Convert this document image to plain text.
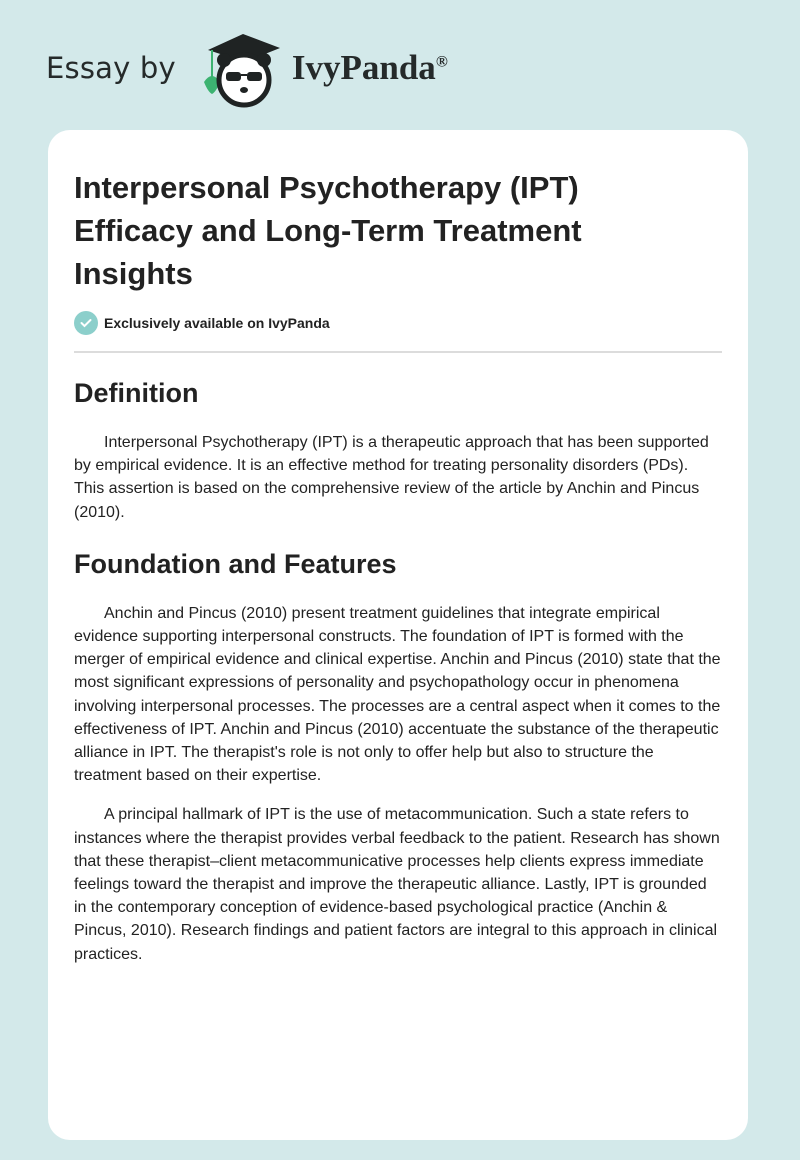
Essay by	IvyPanda®
Interpersonal Psychotherapy (IPT) Efficacy and Long-Term Treatment Insights
Exclusively available on IvyPanda
Definition

Interpersonal Psychotherapy (IPT) is a therapeutic approach that has been supported by empirical evidence. It is an effective method for treating personality disorders (PDs). This assertion is based on the comprehensive review of the article by Anchin and Pincus (2010).

Foundation and Features

Anchin and Pincus (2010) present treatment guidelines that integrate empirical evidence supporting interpersonal constructs. The foundation of IPT is formed with the merger of empirical evidence and clinical expertise. Anchin and Pincus (2010) state that the most significant expressions of personality and psychopathology occur in phenomena involving interpersonal processes. The processes are a central aspect when it comes to the effectiveness of IPT. Anchin and Pincus (2010) accentuate the substance of the therapeutic alliance in IPT. The therapist's role is not only to offer help but also to structure the treatment based on their expertise.

A principal hallmark of IPT is the use of metacommunication. Such a state refers to instances where the therapist provides verbal feedback to the patient. Research has shown that these therapist–client metacommunicative processes help clients express immediate feelings toward the therapist and improve the therapeutic alliance. Lastly, IPT is grounded in the contemporary conception of evidence-based psychological practice (Anchin & Pincus, 2010). Research findings and patient factors are integral to this approach in clinical practices.
